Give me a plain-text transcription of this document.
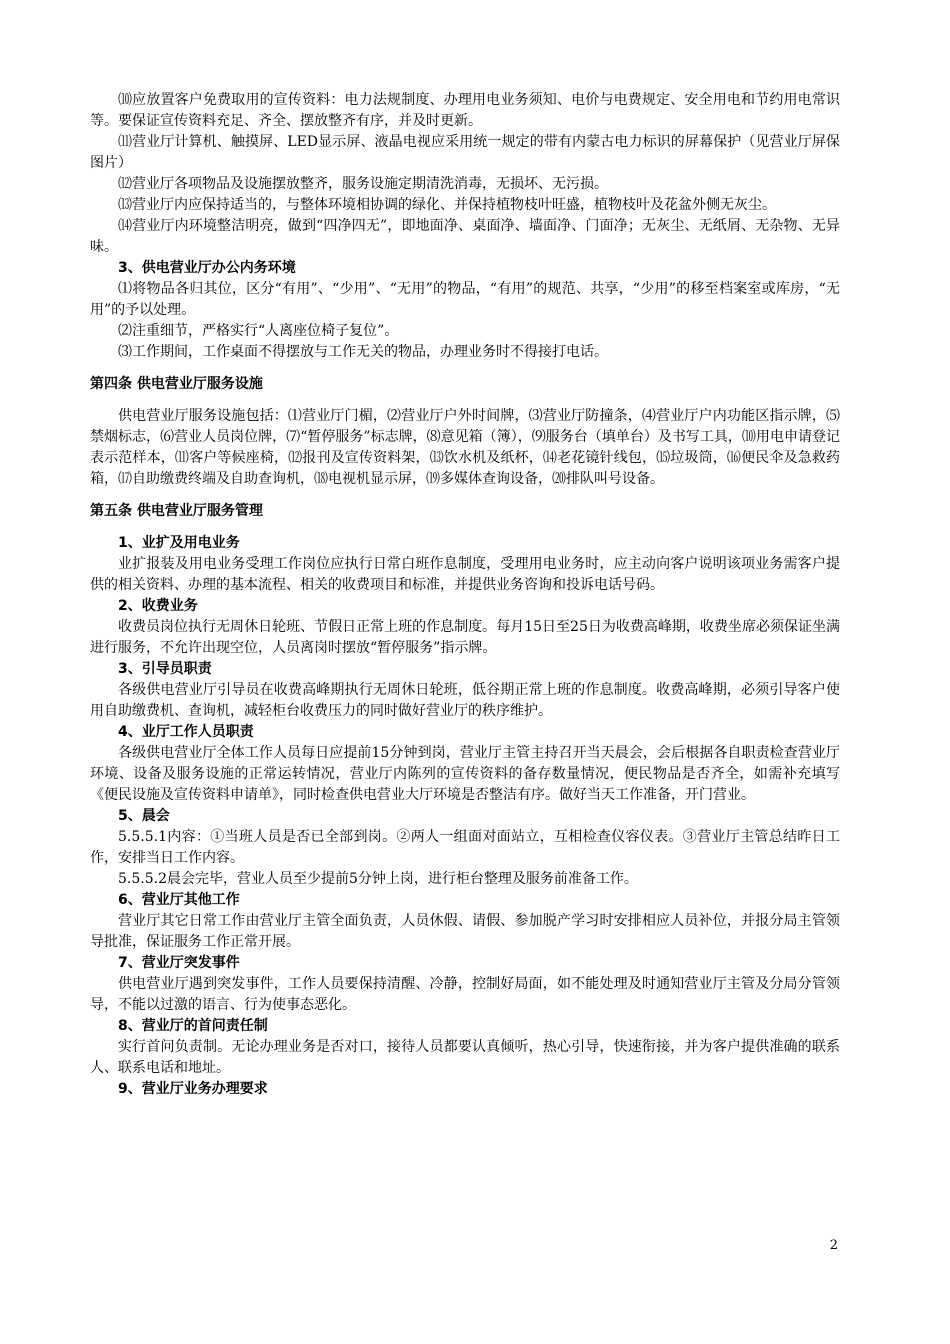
⑽应放置客户免费取用的宣传资料：电力法规制度、办理用电业务须知、电价与电费规定、安全用电和节约用电常识等。要保证宣传资料充足、齐全、摆放整齐有序，并及时更新。

⑾营业厅计算机、触摸屏、LED显示屏、液晶电视应采用统一规定的带有内蒙古电力标识的屏幕保护（见营业厅屏保图片）

⑿营业厅各项物品及设施摆放整齐，服务设施定期清洗消毒，无损坏、无污损。

⒀营业厅内应保持适当的，与整体环境相协调的绿化、并保持植物枝叶旺盛，植物枝叶及花盆外侧无灰尘。

⒁营业厅内环境整洁明亮，做到“四净四无”，即地面净、桌面净、墙面净、门面净；无灰尘、无纸屑、无杂物、无异味。

3、供电营业厅办公内务环境

⑴将物品各归其位，区分“有用”、“少用”、“无用”的物品，“有用”的规范、共享，“少用”的移至档案室或库房，“无用”的予以处理。

⑵注重细节，严格实行“人离座位椅子复位”。

⑶工作期间，工作桌面不得摆放与工作无关的物品，办理业务时不得接打电话。

第四条 供电营业厅服务设施

供电营业厅服务设施包括：⑴营业厅门楣，⑵营业厅户外时间牌，⑶营业厅防撞条，⑷营业厅户内功能区指示牌，⑸禁烟标志，⑹营业人员岗位牌，⑺“暂停服务”标志牌，⑻意见箱（簿），⑼服务台（填单台）及书写工具，⑽用电申请登记表示范样本，⑾客户等候座椅，⑿报刊及宣传资料架，⒀饮水机及纸杯，⒁老花镜针线包，⒂垃圾筒，⒃便民伞及急救药箱，⒄自助缴费终端及自助查询机，⒅电视机显示屏，⒆多媒体查询设备，⒇排队叫号设备。

第五条 供电营业厅服务管理

1、业扩及用电业务

业扩报装及用电业务受理工作岗位应执行日常白班作息制度，受理用电业务时，应主动向客户说明该项业务需客户提供的相关资料、办理的基本流程、相关的收费项目和标准，并提供业务咨询和投诉电话号码。

2、收费业务

收费员岗位执行无周休日轮班、节假日正常上班的作息制度。每月15日至25日为收费高峰期，收费坐席必须保证坐满进行服务，不允许出现空位，人员离岗时摆放“暂停服务”指示牌。

3、引导员职责

各级供电营业厅引导员在收费高峰期执行无周休日轮班，低谷期正常上班的作息制度。收费高峰期，必须引导客户使用自助缴费机、查询机，减轻柜台收费压力的同时做好营业厅的秩序维护。

4、业厅工作人员职责

各级供电营业厅全体工作人员每日应提前15分钟到岗，营业厅主管主持召开当天晨会，会后根据各自职责检查营业厅环境、设备及服务设施的正常运转情况，营业厅内陈列的宣传资料的备存数量情况，便民物品是否齐全，如需补充填写《便民设施及宣传资料申请单》，同时检查供电营业大厅环境是否整洁有序。做好当天工作准备，开门营业。

5、晨会

5.5.5.1内容：①当班人员是否已全部到岗。②两人一组面对面站立，互相检查仪容仪表。③营业厅主管总结昨日工作，安排当日工作内容。

5.5.5.2晨会完毕，营业人员至少提前5分钟上岗，进行柜台整理及服务前准备工作。

6、营业厅其他工作

营业厅其它日常工作由营业厅主管全面负责，人员休假、请假、参加脱产学习时安排相应人员补位，并报分局主管领导批准，保证服务工作正常开展。

7、营业厅突发事件

供电营业厅遇到突发事件，工作人员要保持清醒、冷静，控制好局面，如不能处理及时通知营业厅主管及分局分管领导，不能以过激的语言、行为使事态恶化。

8、营业厅的首问责任制

实行首问负责制。无论办理业务是否对口，接待人员都要认真倾听，热心引导，快速衔接，并为客户提供准确的联系人、联系电话和地址。

9、营业厅业务办理要求

2
